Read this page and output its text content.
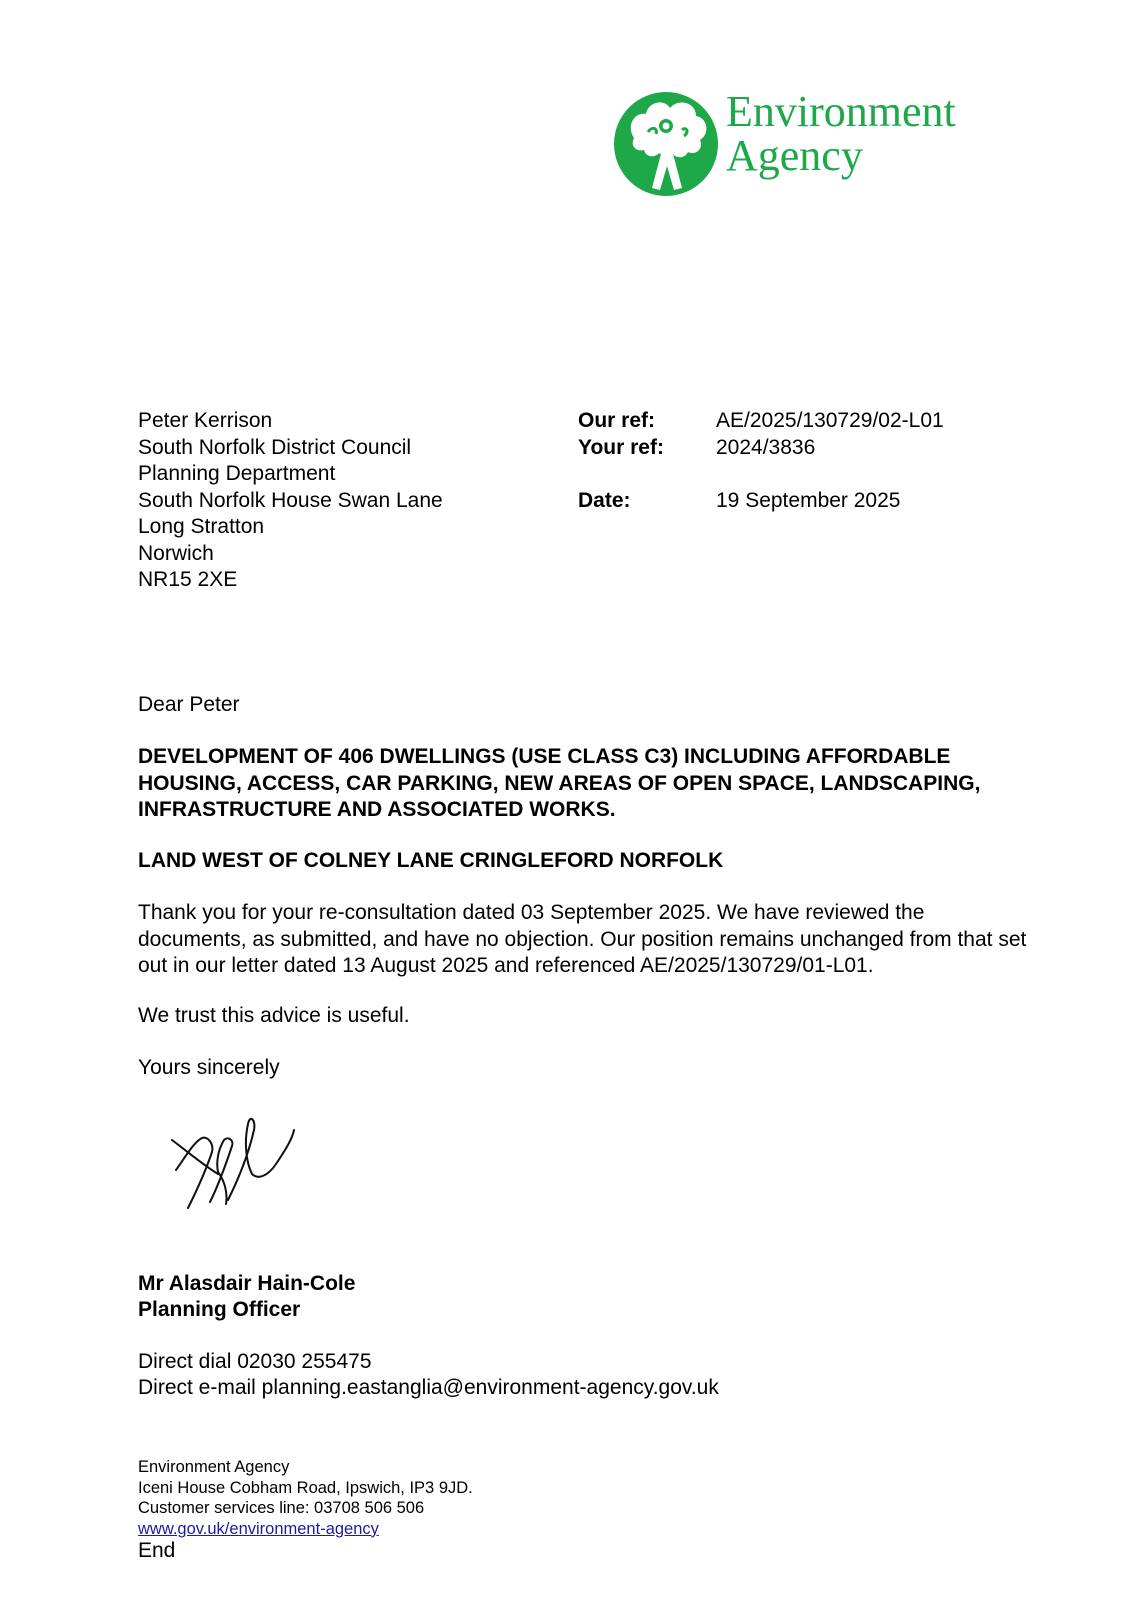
Environment
Agency
Peter Kerrison
South Norfolk District Council
Planning Department
South Norfolk House Swan Lane
Long Stratton
Norwich
NR15 2XE
Our ref:	AE/2025/130729/02-L01
Your ref:	2024/3836
Date:	19 September 2025
Dear Peter
DEVELOPMENT OF 406 DWELLINGS (USE CLASS C3) INCLUDING AFFORDABLE HOUSING, ACCESS, CAR PARKING, NEW AREAS OF OPEN SPACE, LANDSCAPING, INFRASTRUCTURE AND ASSOCIATED WORKS.
LAND WEST OF COLNEY LANE CRINGLEFORD NORFOLK
Thank you for your re-consultation dated 03 September 2025. We have reviewed the documents, as submitted, and have no objection. Our position remains unchanged from that set out in our letter dated 13 August 2025 and referenced AE/2025/130729/01-L01.
We trust this advice is useful.
Yours sincerely
Mr Alasdair Hain-Cole
Planning Officer
Direct dial 02030 255475
Direct e-mail planning.eastanglia@environment-agency.gov.uk
Environment Agency
Iceni House Cobham Road, Ipswich, IP3 9JD.
Customer services line: 03708 506 506
www.gov.uk/environment-agency
End
